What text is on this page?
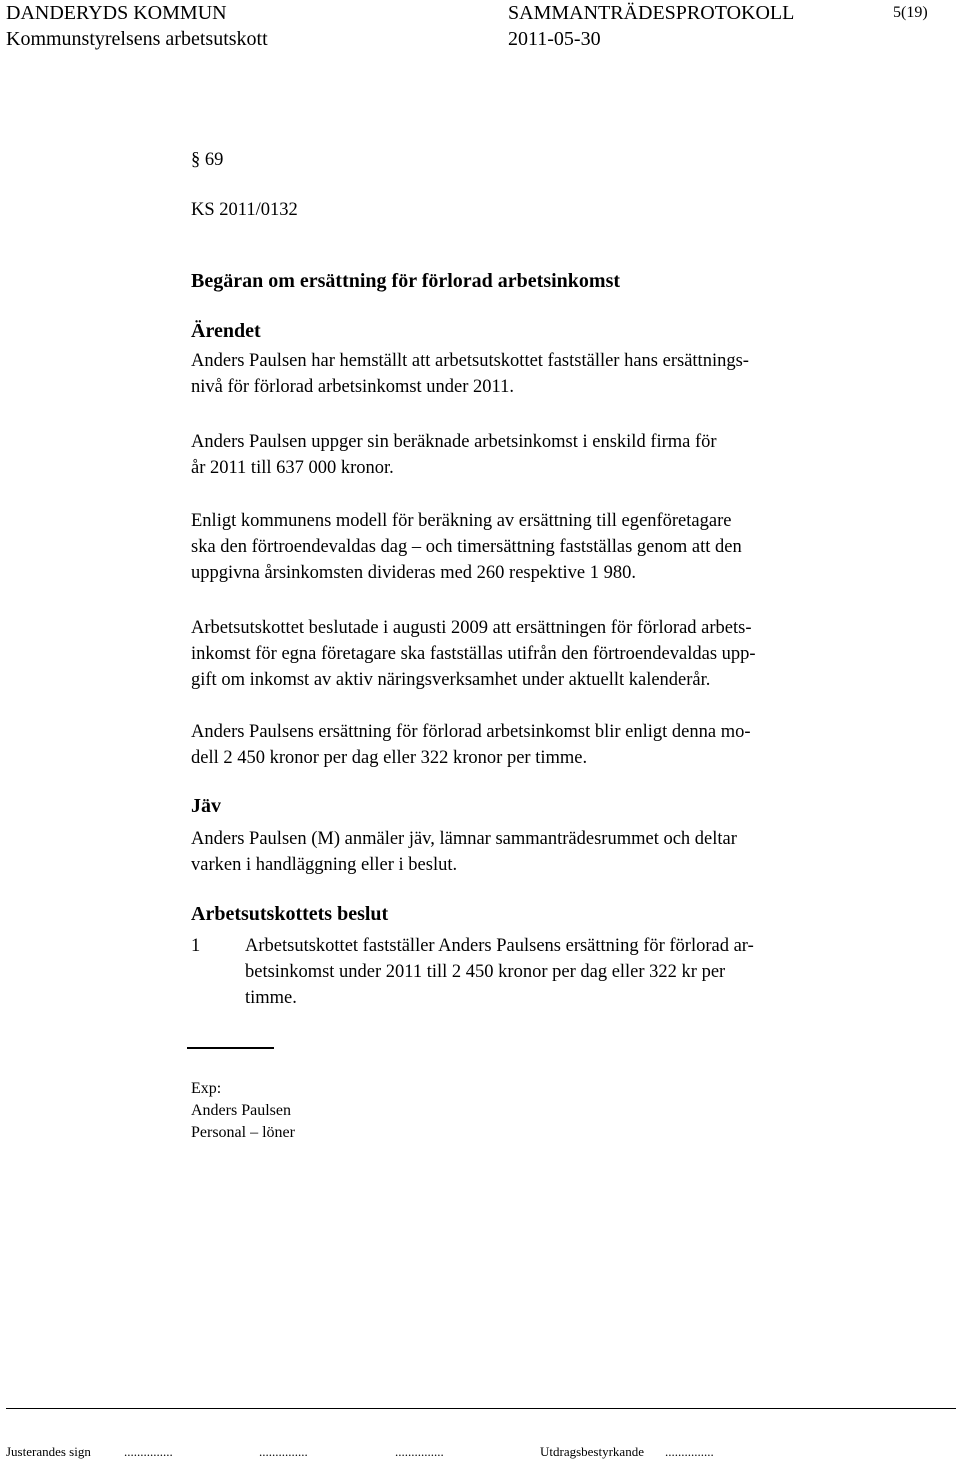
DANDERYDS KOMMUN
Kommunstyrelsens arbetsutskott
SAMMANTRÄDESPROTOKOLL
2011-05-30
5(19)
§ 69
KS 2011/0132
Begäran om ersättning för förlorad arbetsinkomst
Ärendet
Anders Paulsen har hemställt att arbetsutskottet fastställer hans ersättnings-
nivå för förlorad arbetsinkomst under 2011.
Anders Paulsen uppger sin beräknade arbetsinkomst i enskild firma för
år 2011 till 637 000 kronor.
Enligt kommunens modell för beräkning av ersättning till egenföretagare
ska den förtroendevaldas dag – och timersättning fastställas genom att den
uppgivna årsinkomsten divideras med 260 respektive 1 980.
Arbetsutskottet beslutade i augusti 2009 att ersättningen för förlorad arbets-
inkomst för egna företagare ska fastställas utifrån den förtroendevaldas upp-
gift om inkomst av aktiv näringsverksamhet under aktuellt kalenderår.
Anders Paulsens ersättning för förlorad arbetsinkomst blir enligt denna mo-
dell 2 450 kronor per dag eller 322 kronor per timme.
Jäv
Anders Paulsen (M) anmäler jäv, lämnar sammanträdesrummet och deltar
varken i handläggning eller i beslut.
Arbetsutskottets beslut
1 Arbetsutskottet fastställer Anders Paulsens ersättning för förlorad ar-
betsinkomst under 2011 till 2 450 kronor per dag eller 322 kr per
timme.
Exp:
Anders Paulsen
Personal – löner
Justerandes sign	...............	...............	...............	Utdragsbestyrkande ...............
